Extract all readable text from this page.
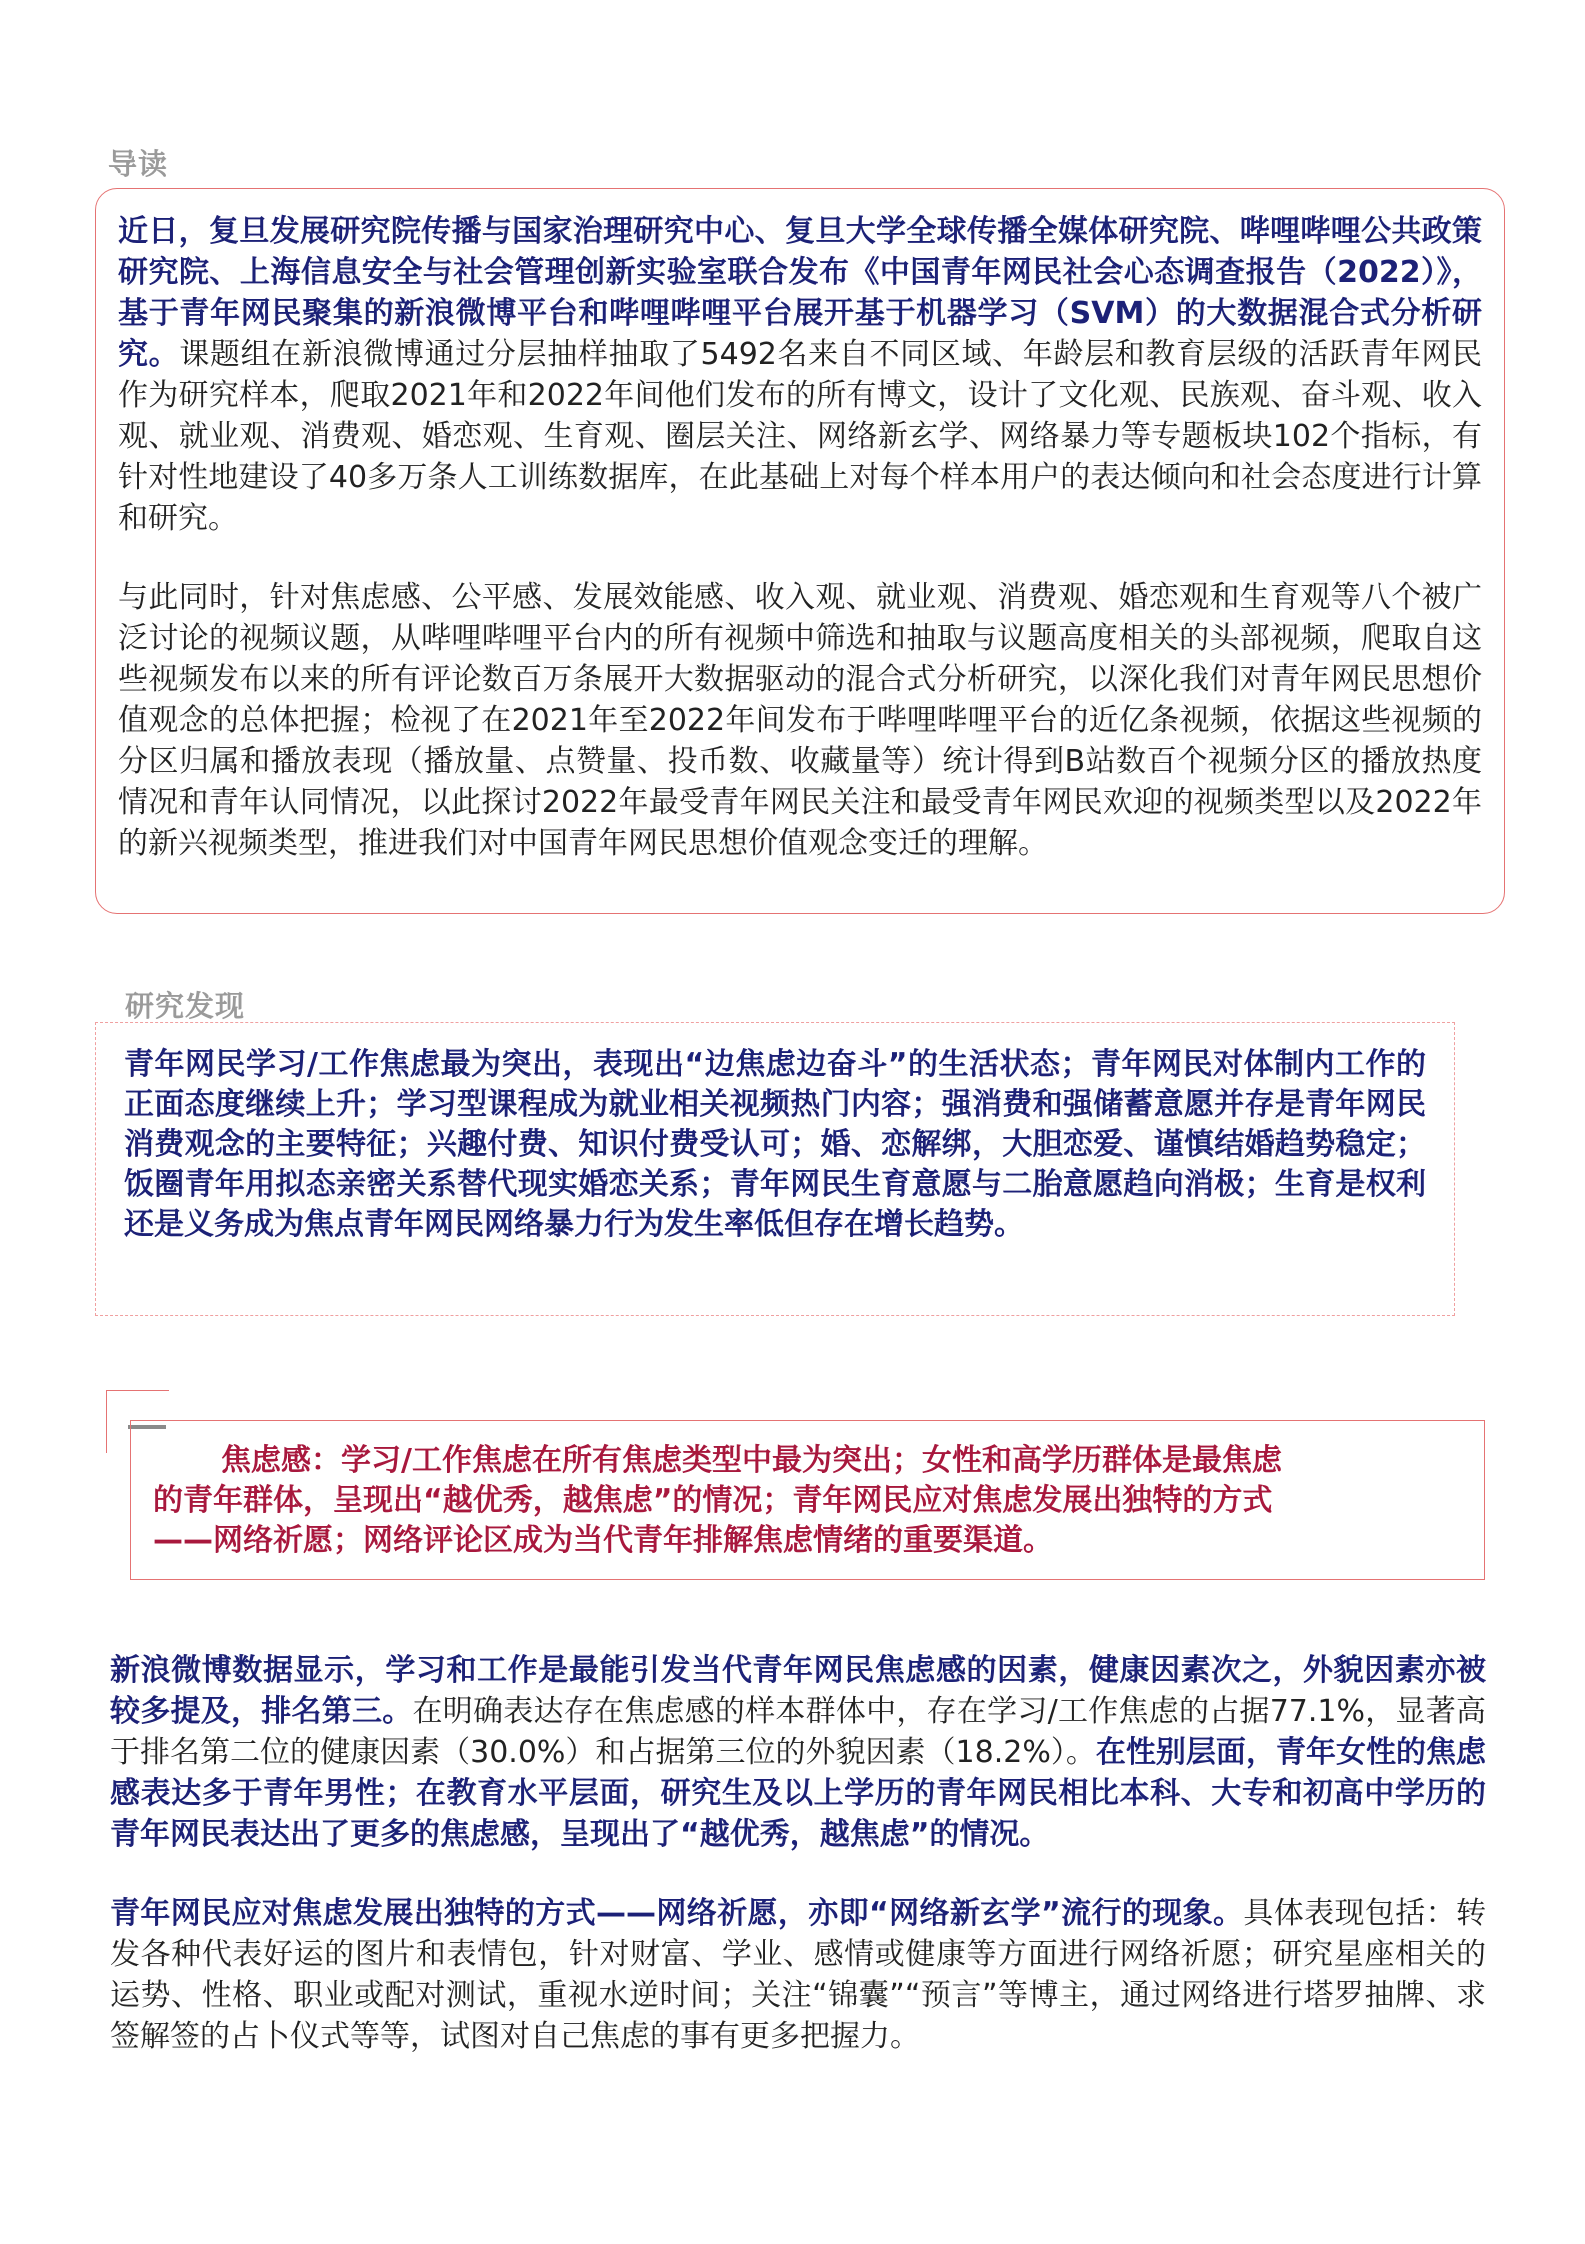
导读

近日，复旦发展研究院传播与国家治理研究中心、复旦大学全球传播全媒体研究院、哔哩哔哩公共政策研究院、上海信息安全与社会管理创新实验室联合发布《中国青年网民社会心态调查报告（2022）》，基于青年网民聚集的新浪微博平台和哔哩哔哩平台展开基于机器学习（SVM）的大数据混合式分析研究。课题组在新浪微博通过分层抽样抽取了5492名来自不同区域、年龄层和教育层级的活跃青年网民作为研究样本，爬取2021年和2022年间他们发布的所有博文，设计了文化观、民族观、奋斗观、收入观、就业观、消费观、婚恋观、生育观、圈层关注、网络新玄学、网络暴力等专题板块102个指标，有针对性地建设了40多万条人工训练数据库，在此基础上对每个样本用户的表达倾向和社会态度进行计算和研究。

与此同时，针对焦虑感、公平感、发展效能感、收入观、就业观、消费观、婚恋观和生育观等八个被广泛讨论的视频议题，从哔哩哔哩平台内的所有视频中筛选和抽取与议题高度相关的头部视频，爬取自这些视频发布以来的所有评论数百万条展开大数据驱动的混合式分析研究，以深化我们对青年网民思想价值观念的总体把握；检视了在2021年至2022年间发布于哔哩哔哩平台的近亿条视频，依据这些视频的分区归属和播放表现（播放量、点赞量、投币数、收藏量等）统计得到B站数百个视频分区的播放热度情况和青年认同情况，以此探讨2022年最受青年网民关注和最受青年网民欢迎的视频类型以及2022年的新兴视频类型，推进我们对中国青年网民思想价值观念变迁的理解。

研究发现

青年网民学习/工作焦虑最为突出，表现出“边焦虑边奋斗”的生活状态；青年网民对体制内工作的正面态度继续上升；学习型课程成为就业相关视频热门内容；强消费和强储蓄意愿并存是青年网民消费观念的主要特征；兴趣付费、知识付费受认可；婚、恋解绑，大胆恋爱、谨慎结婚趋势稳定；饭圈青年用拟态亲密关系替代现实婚恋关系；青年网民生育意愿与二胎意愿趋向消极；生育是权利还是义务成为焦点青年网民网络暴力行为发生率低但存在增长趋势。

焦虑感：学习/工作焦虑在所有焦虑类型中最为突出；女性和高学历群体是最焦虑
的青年群体，呈现出“越优秀，越焦虑”的情况；青年网民应对焦虑发展出独特的方式
——网络祈愿；网络评论区成为当代青年排解焦虑情绪的重要渠道。

新浪微博数据显示，学习和工作是最能引发当代青年网民焦虑感的因素，健康因素次之，外貌因素亦被较多提及，排名第三。在明确表达存在焦虑感的样本群体中，存在学习/工作焦虑的占据77.1%，显著高于排名第二位的健康因素（30.0%）和占据第三位的外貌因素（18.2%）。在性别层面，青年女性的焦虑感表达多于青年男性；在教育水平层面，研究生及以上学历的青年网民相比本科、大专和初高中学历的青年网民表达出了更多的焦虑感，呈现出了“越优秀，越焦虑”的情况。

青年网民应对焦虑发展出独特的方式——网络祈愿，亦即“网络新玄学”流行的现象。具体表现包括：转发各种代表好运的图片和表情包，针对财富、学业、感情或健康等方面进行网络祈愿；研究星座相关的运势、性格、职业或配对测试，重视水逆时间；关注“锦囊”“预言”等博主，通过网络进行塔罗抽牌、求签解签的占卜仪式等等，试图对自己焦虑的事有更多把握力。
